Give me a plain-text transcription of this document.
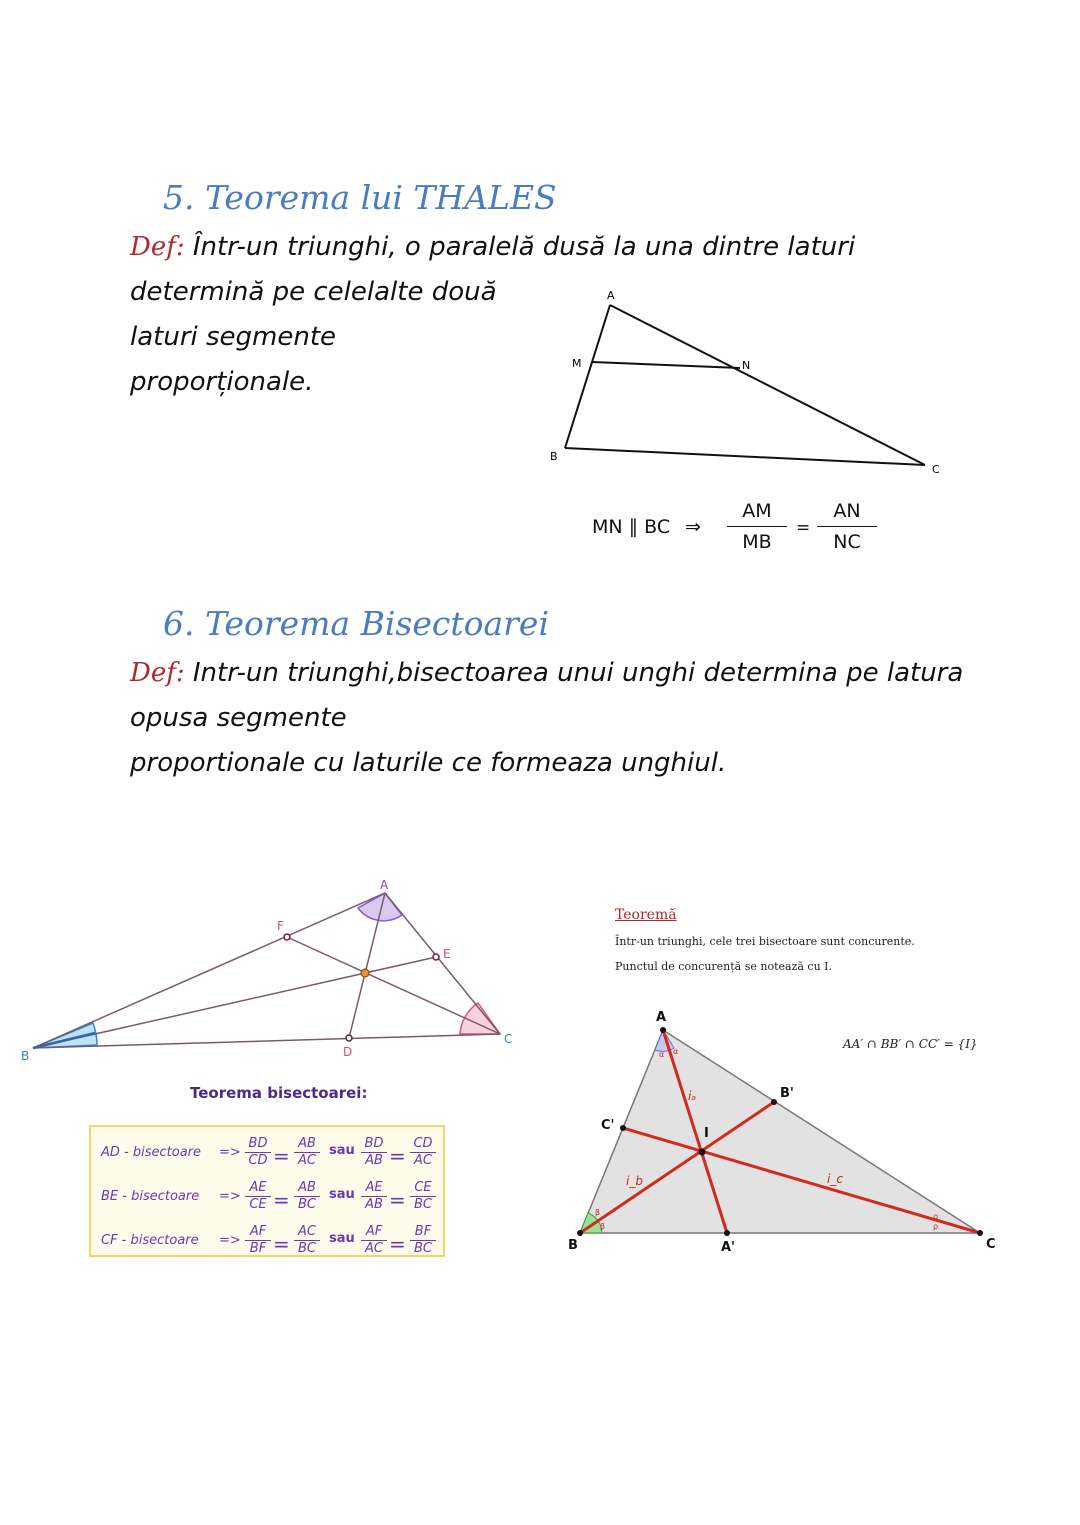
5. Teorema lui THALES
Def: Într-un triunghi, o paralelă dusă la una dintre laturi
determină pe celelalte două
laturi segmente
proporționale.
A
M	N
B
C
MN ∥ BC ⇒ $\frac{AM}{MB} = \frac{AN}{NC}$
6. Teorema Bisectoarei
Def: Intr-un triunghi,bisectoarea unui unghi determina pe latura
opusa segmente
proportionale cu laturile ce formeaza unghiul.
A
B
C
D
E
F
Teorema bisectoarei:
AD - bisectoare => $\frac{BD}{CD} = \frac{AB}{AC}$ sau $\frac{BD}{AB} = \frac{CD}{AC}$
BE - bisectoare => $\frac{AE}{CE} = \frac{AB}{BC}$ sau $\frac{AE}{AB} = \frac{CE}{BC}$
CF - bisectoare => $\frac{AF}{BF} = \frac{AC}{BC}$ sau $\frac{AF}{AC} = \frac{BF}{BC}$
Teoremă
Într-un triunghi, cele trei bisectoare sunt concurente.
Punctul de concurență se notează cu I.
AA′ ∩ BB′ ∩ CC′ = {I}
A
B	C
A'
B'
C'
I
iₐ
i_b	i_c
α α
β
β
ρ
ρ
